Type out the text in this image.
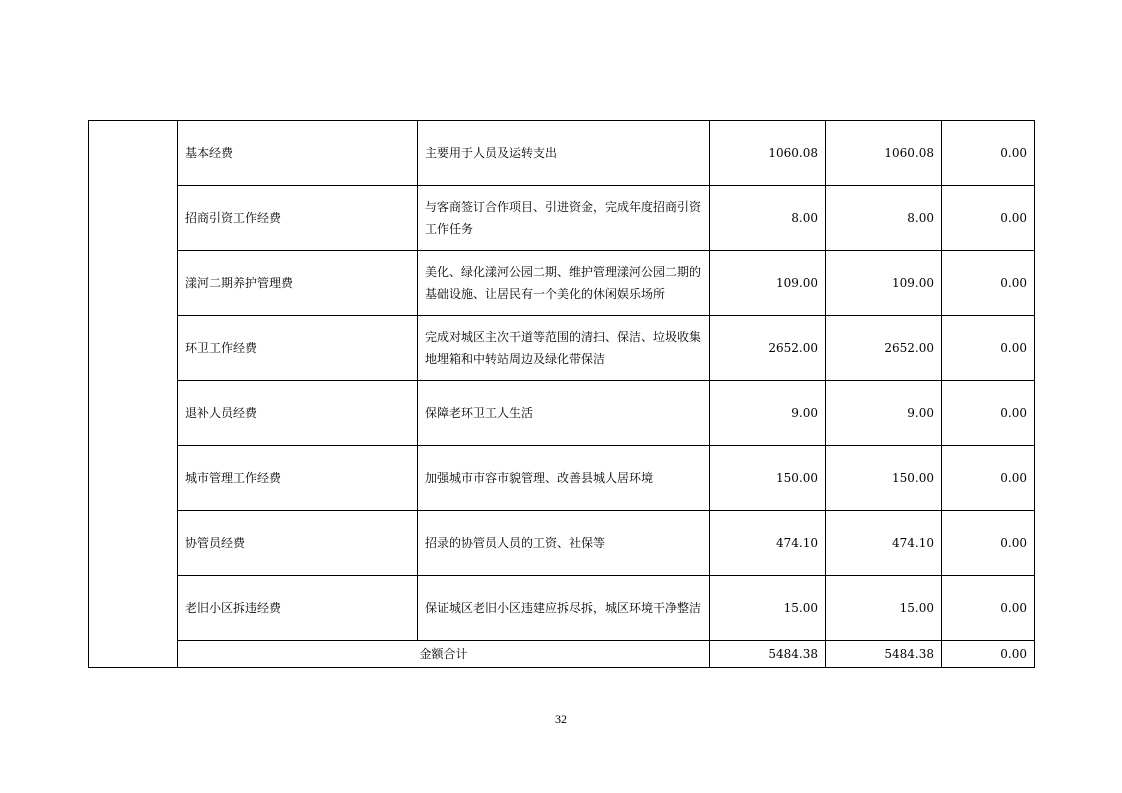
	基本经费	主要用于人员及运转支出	1060.08	1060.08	0.00
	招商引资工作经费	与客商签订合作项目、引进资金，完成年度招商引资工作任务	8.00	8.00	0.00
	漾河二期养护管理费	美化、绿化漾河公园二期、维护管理漾河公园二期的基础设施、让居民有一个美化的休闲娱乐场所	109.00	109.00	0.00
	环卫工作经费	完成对城区主次干道等范围的清扫、保洁、垃圾收集地埋箱和中转站周边及绿化带保洁	2652.00	2652.00	0.00
	退补人员经费	保障老环卫工人生活	9.00	9.00	0.00
	城市管理工作经费	加强城市市容市貌管理、改善县城人居环境	150.00	150.00	0.00
	协管员经费	招录的协管员人员的工资、社保等	474.10	474.10	0.00
	老旧小区拆违经费	保证城区老旧小区违建应拆尽拆，城区环境干净整洁	15.00	15.00	0.00
	金额合计		5484.38	5484.38	0.00
32
